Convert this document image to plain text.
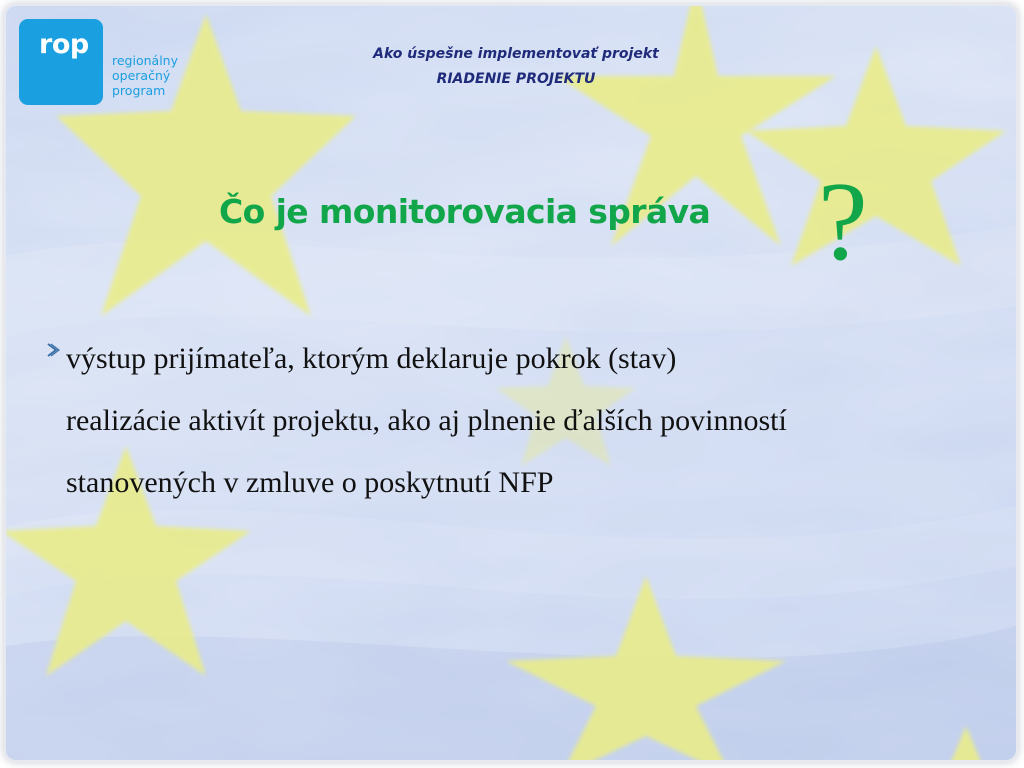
rop
regionálny
operačný
program
Ako úspešne implementovať projekt
RIADENIE PROJEKTU
Čo je monitorovacia správa ?
výstup prijímateľa, ktorým deklaruje pokrok (stav)
realizácie aktivít projektu, ako aj plnenie ďalších povinností
stanovených v zmluve o poskytnutí NFP
